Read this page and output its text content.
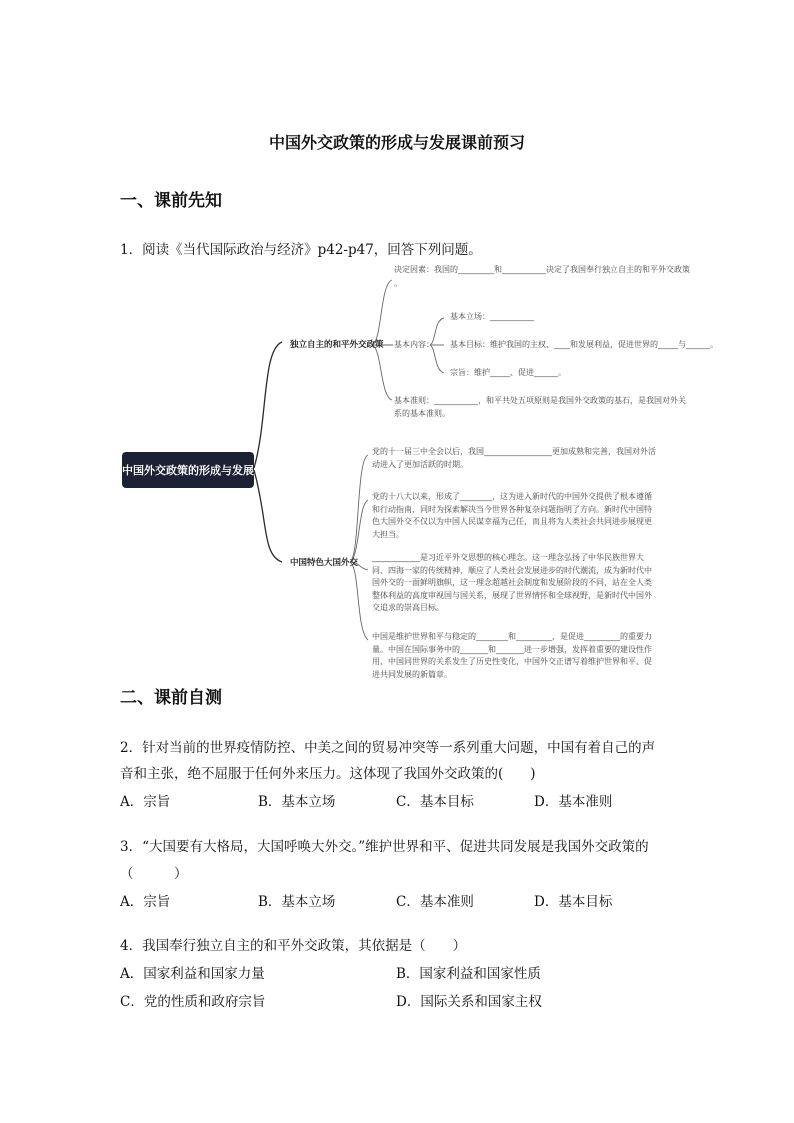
中国外交政策的形成与发展课前预习
一、课前先知
1．阅读《当代国际政治与经济》p42-p47，回答下列问题。
中国外交政策的形成与发展
独立自主的和平外交政策
决定因素：我国的_________和___________决定了我国奉行独立自主的和平外交政策
。
基本内容：
基本立场：___________
基本目标：维护我国的主权、____和发展利益，促进世界的_____与______。
宗旨：维护_____、促进______。
基本准则：___________，和平共处五项原则是我国外交政策的基石，是我国对外关系的基本准则。
中国特色大国外交
党的十一届三中全会以后，我国_________________更加成熟和完善，我国对外活动进入了更加活跃的时期。
党的十八大以来，形成了________，这为进入新时代的中国外交提供了根本遵循和行动指南，同时为探索解决当今世界各种复杂问题指明了方向。新时代中国特色大国外交不仅以为中国人民谋幸福为己任，而且将为人类社会共同进步展现更大担当。
____________是习近平外交思想的核心理念。这一理念弘扬了中华民族世界大同、四海一家的传统精神，顺应了人类社会发展进步的时代潮流，成为新时代中国外交的一面鲜明旗帜，这一理念超越社会制度和发展阶段的不同，站在全人类整体利益的高度审视国与国关系，展现了世界情怀和全球视野，是新时代中国外交追求的崇高目标。
中国是维护世界和平与稳定的________和_________，是促进_________的重要力量。中国在国际事务中的_______和_______进一步增强，发挥着重要的建设性作用，中国同世界的关系发生了历史性变化，中国外交正谱写着维护世界和平、促进共同发展的新篇章。
二、课前自测
2．针对当前的世界疫情防控、中美之间的贸易冲突等一系列重大问题，中国有着自己的声
音和主张，绝不屈服于任何外来压力。这体现了我国外交政策的(　　)
A．宗旨	B．基本立场	C．基本目标	D．基本准则
3．“大国要有大格局，大国呼唤大外交。”维护世界和平、促进共同发展是我国外交政策的
（　　　）
A．宗旨	B．基本立场	C．基本准则	D．基本目标
4．我国奉行独立自主的和平外交政策，其依据是（　　）
A．国家利益和国家力量	B．国家利益和国家性质
C．党的性质和政府宗旨	D．国际关系和国家主权
